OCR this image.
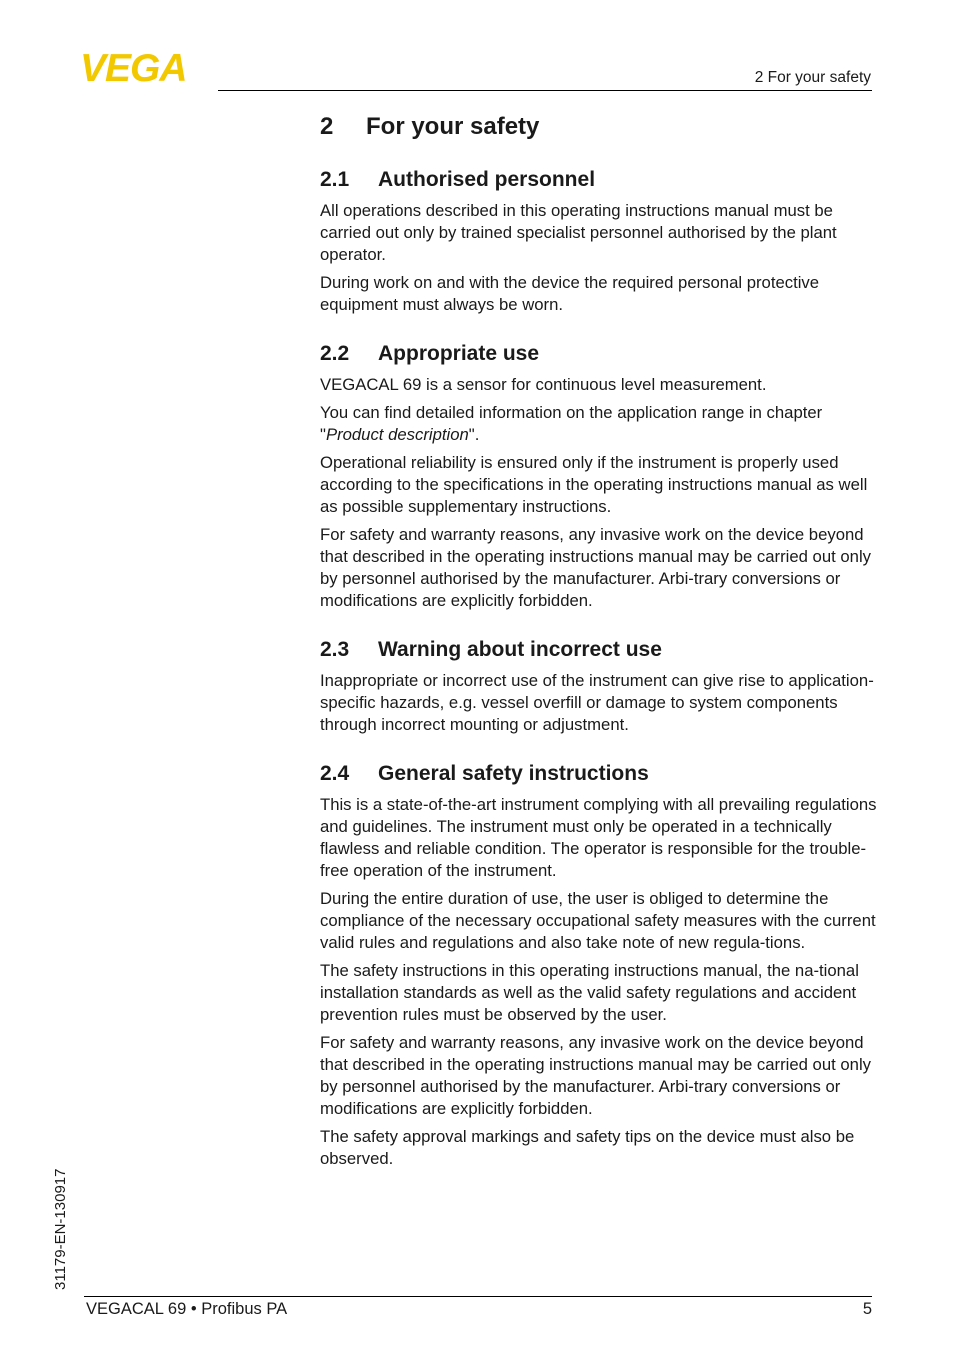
VEGA	2 For your safety
2 For your safety
2.1 Authorised personnel

All operations described in this operating instructions manual must be carried out only by trained specialist personnel authorised by the plant operator.

During work on and with the device the required personal protective equipment must always be worn.

2.2 Appropriate use

VEGACAL 69 is a sensor for continuous level measurement.

You can find detailed information on the application range in chapter "Product description".

Operational reliability is ensured only if the instrument is properly used according to the specifications in the operating instructions manual as well as possible supplementary instructions.

For safety and warranty reasons, any invasive work on the device beyond that described in the operating instructions manual may be carried out only by personnel authorised by the manufacturer. Arbi-trary conversions or modifications are explicitly forbidden.

2.3 Warning about incorrect use

Inappropriate or incorrect use of the instrument can give rise to application-specific hazards, e.g. vessel overfill or damage to system components through incorrect mounting or adjustment.

2.4 General safety instructions

This is a state-of-the-art instrument complying with all prevailing regulations and guidelines. The instrument must only be operated in a technically flawless and reliable condition. The operator is responsible for the trouble-free operation of the instrument.

During the entire duration of use, the user is obliged to determine the compliance of the necessary occupational safety measures with the current valid rules and regulations and also take note of new regula-tions.

The safety instructions in this operating instructions manual, the na-tional installation standards as well as the valid safety regulations and accident prevention rules must be observed by the user.

For safety and warranty reasons, any invasive work on the device beyond that described in the operating instructions manual may be carried out only by personnel authorised by the manufacturer. Arbi-trary conversions or modifications are explicitly forbidden.

The safety approval markings and safety tips on the device must also be observed.

31179-EN-130917
VEGACAL 69 • Profibus PA	5
